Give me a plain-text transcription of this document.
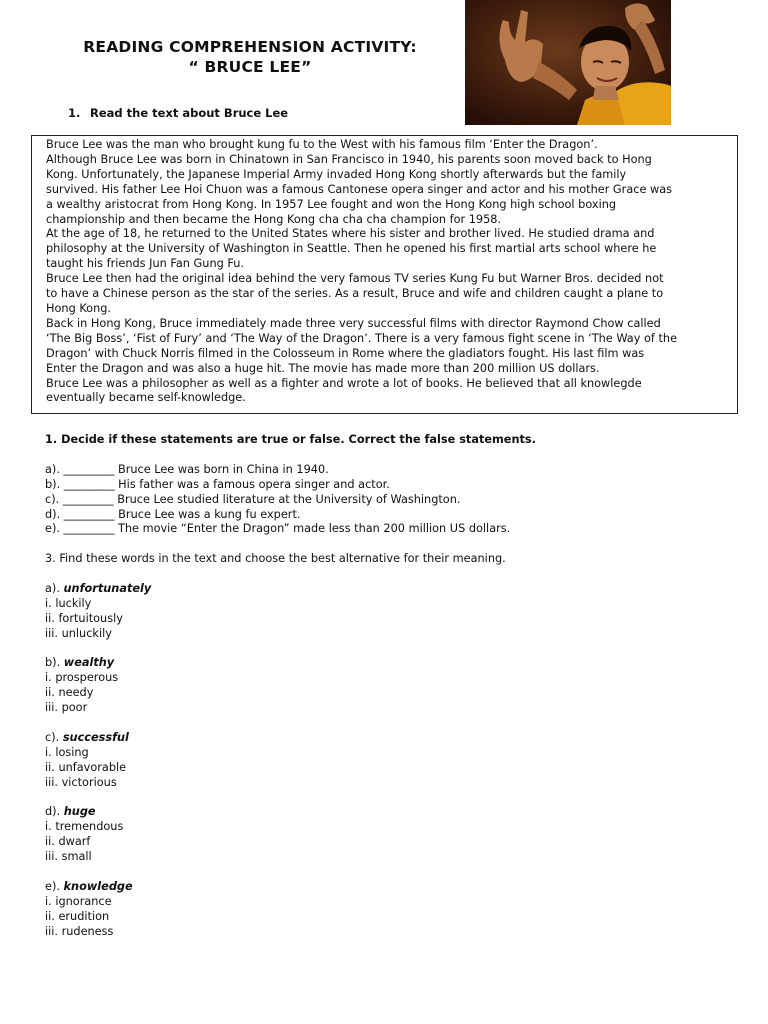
READING COMPREHENSION ACTIVITY:
“ BRUCE LEE”
1. Read the text about Bruce Lee

Bruce Lee was the man who brought kung fu to the West with his famous film ‘Enter the Dragon’.

Although Bruce Lee was born in Chinatown in San Francisco in 1940, his parents soon moved back to Hong

Kong. Unfortunately, the Japanese Imperial Army invaded Hong Kong shortly afterwards but the family

survived. His father Lee Hoi Chuon was a famous Cantonese opera singer and actor and his mother Grace was

a wealthy aristocrat from Hong Kong. In 1957 Lee fought and won the Hong Kong high school boxing

championship and then became the Hong Kong cha cha cha champion for 1958.

At the age of 18, he returned to the United States where his sister and brother lived. He studied drama and

philosophy at the University of Washington in Seattle. Then he opened his first martial arts school where he

taught his friends Jun Fan Gung Fu.

Bruce Lee then had the original idea behind the very famous TV series Kung Fu but Warner Bros. decided not

to have a Chinese person as the star of the series. As a result, Bruce and wife and children caught a plane to

Hong Kong.

Back in Hong Kong, Bruce immediately made three very successful films with director Raymond Chow called

‘The Big Boss’, ‘Fist of Fury’ and ‘The Way of the Dragon’. There is a very famous fight scene in ‘The Way of the

Dragon’ with Chuck Norris filmed in the Colosseum in Rome where the gladiators fought. His last film was

Enter the Dragon and was also a huge hit. The movie has made more than 200 million US dollars.

Bruce Lee was a philosopher as well as a fighter and wrote a lot of books. He believed that all knowlegde

eventually became self-knowledge.

1. Decide if these statements are true or false. Correct the false statements.

a). _________ Bruce Lee was born in China in 1940.

b). _________ His father was a famous opera singer and actor.

c). _________ Bruce Lee studied literature at the University of Washington.

d). _________ Bruce Lee was a kung fu expert.

e). _________ The movie “Enter the Dragon” made less than 200 million US dollars.

3. Find these words in the text and choose the best alternative for their meaning.

a). unfortunately

i. luckily

ii. fortuitously

iii. unluckily

b). wealthy

i. prosperous

ii. needy

iii. poor

c). successful

i. losing

ii. unfavorable

iii. victorious

d). huge

i. tremendous

ii. dwarf

iii. small

e). knowledge

i. ignorance

ii. erudition

iii. rudeness
